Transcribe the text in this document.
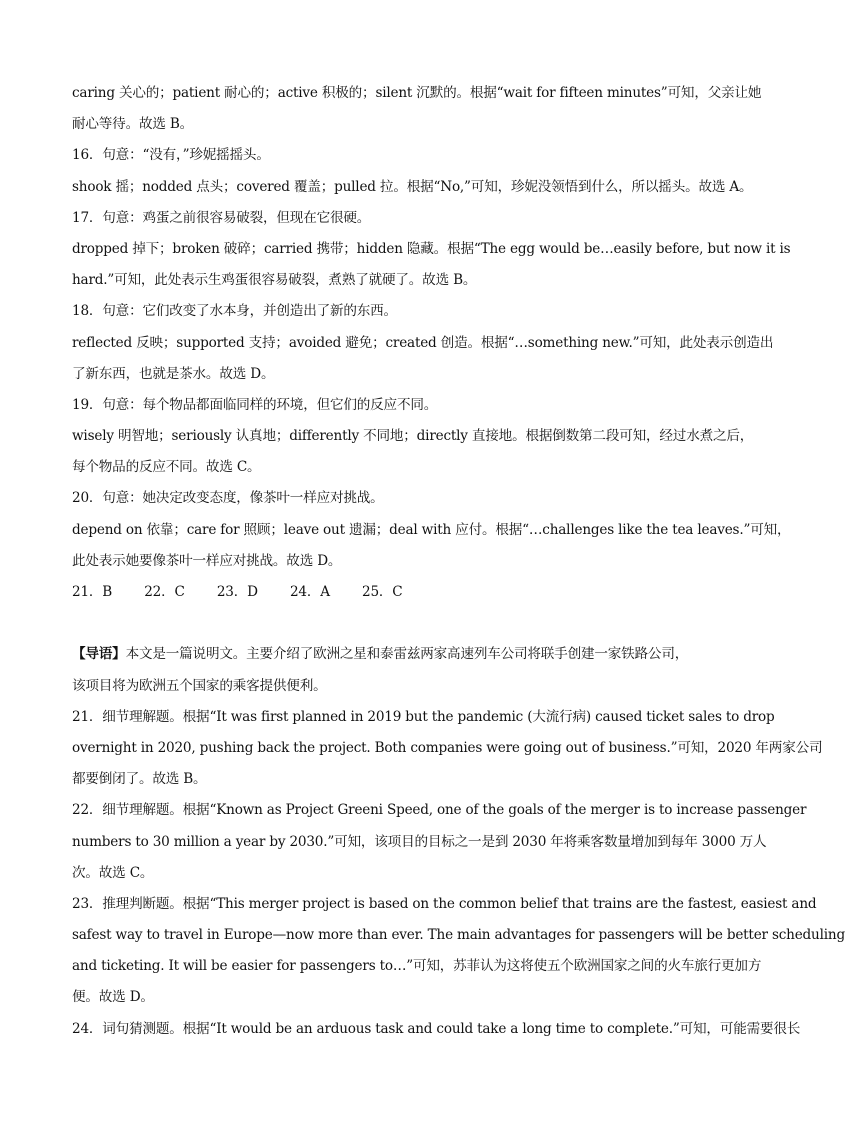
caring 关心的；patient 耐心的；active 积极的；silent 沉默的。根据“wait for fifteen minutes”可知，父亲让她
耐心等待。故选 B。
16．句意：“没有，”珍妮摇摇头。
shook 摇；nodded 点头；covered 覆盖；pulled 拉。根据“No,”可知，珍妮没领悟到什么，所以摇头。故选 A。
17．句意：鸡蛋之前很容易破裂，但现在它很硬。
dropped 掉下；broken 破碎；carried 携带；hidden 隐藏。根据“The egg would be…easily before, but now it is
hard.”可知，此处表示生鸡蛋很容易破裂，煮熟了就硬了。故选 B。
18．句意：它们改变了水本身，并创造出了新的东西。
reflected 反映；supported 支持；avoided 避免；created 创造。根据“…something new.”可知，此处表示创造出
了新东西，也就是茶水。故选 D。
19．句意：每个物品都面临同样的环境，但它们的反应不同。
wisely 明智地；seriously 认真地；differently 不同地；directly 直接地。根据倒数第二段可知，经过水煮之后，
每个物品的反应不同。故选 C。
20．句意：她决定改变态度，像茶叶一样应对挑战。
depend on 依靠；care for 照顾；leave out 遗漏；deal with 应付。根据“…challenges like the tea leaves.”可知，
此处表示她要像茶叶一样应对挑战。故选 D。
21．B 22．C 23．D 24．A 25．C
【导语】本文是一篇说明文。主要介绍了欧洲之星和泰雷兹两家高速列车公司将联手创建一家铁路公司，
该项目将为欧洲五个国家的乘客提供便利。
21．细节理解题。根据“It was first planned in 2019 but the pandemic (大流行病) caused ticket sales to drop
overnight in 2020, pushing back the project. Both companies were going out of business.”可知，2020 年两家公司
都要倒闭了。故选 B。
22．细节理解题。根据“Known as Project Greeni Speed, one of the goals of the merger is to increase passenger
numbers to 30 million a year by 2030.”可知，该项目的目标之一是到 2030 年将乘客数量增加到每年 3000 万人
次。故选 C。
23．推理判断题。根据“This merger project is based on the common belief that trains are the fastest, easiest and
safest way to travel in Europe—now more than ever. The main advantages for passengers will be better scheduling
and ticketing. It will be easier for passengers to…”可知，苏菲认为这将使五个欧洲国家之间的火车旅行更加方
便。故选 D。
24．词句猜测题。根据“It would be an arduous task and could take a long time to complete.”可知，可能需要很长
